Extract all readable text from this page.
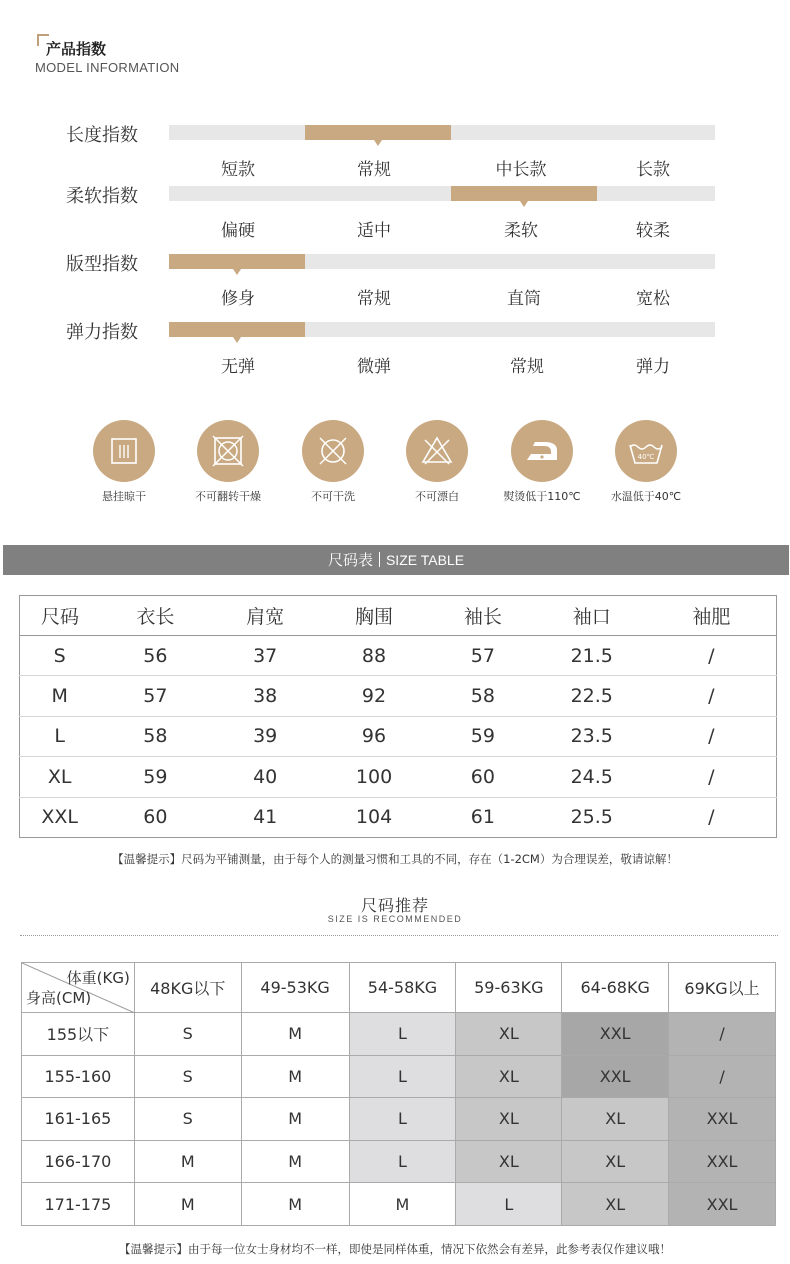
产品指数
MODEL INFORMATION
长度指数
短款	常规	中长款	长款
柔软指数
偏硬	适中	柔软	较柔
版型指数
修身	常规	直筒	宽松
弹力指数
无弹	微弹	常规	弹力
悬挂晾干	不可翻转干燥	不可干洗	不可漂白	熨烫低于110℃
40℃
水温低于40℃
尺码表 SIZE TABLE
尺码	衣长	肩宽	胸围	袖长	袖口	袖肥
S	56	37	88	57	21.5	/
M	57	38	92	58	22.5	/
L	58	39	96	59	23.5	/
XL	59	40	100	60	24.5	/
XXL	60	41	104	61	25.5	/
【温馨提示】尺码为平铺测量，由于每个人的测量习惯和工具的不同，存在（1-2CM）为合理误差，敬请谅解！
尺码推荐
SIZE IS RECOMMENDED
体重(KG)
身高(CM)	48KG以下	49-53KG	54-58KG	59-63KG	64-68KG	69KG以上
155以下	S	M	L	XL	XXL	/
155-160	S	M	L	XL	XXL	/
161-165	S	M	L	XL	XL	XXL
166-170	M	M	L	XL	XL	XXL
171-175	M	M	M	L	XL	XXL
【温馨提示】由于每一位女士身材均不一样，即使是同样体重，情况下依然会有差异，此参考表仅作建议哦！
